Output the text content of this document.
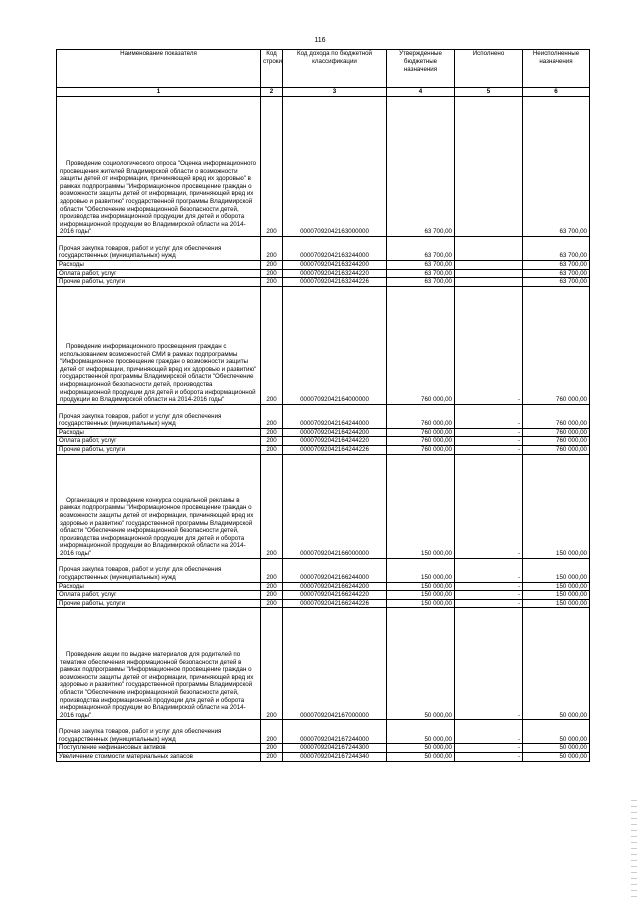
116
Наименование показателя	Код строки	Код дохода по бюджетной классификации	Утвержденные бюджетные назначения	Исполнено	Неисполненные назначения
1	2	3	4	5	6
Проведение социологического опроса "Оценка информационного просвещения жителей Владимирской области о возможности защиты детей от информации, причиняющей вред их здоровью" в рамках подпрограммы "Информационное просвещение граждан о возможности защиты детей от информации, причиняющей вред их здоровью и развитию" государственной программы Владимирской области "Обеспечение информационной безопасности детей, производства информационной продукции для детей и оборота информационной продукции во Владимирской области на 2014-2016 годы"	200	00007092042163000000	63 700,00		63 700,00
Прочая закупка товаров, работ и услуг для обеспечения государственных (муниципальных) нужд	200	00007092042163244000	63 700,00		63 700,00
Расходы	200	00007092042163244200	63 700,00		63 700,00
Оплата работ, услуг	200	00007092042163244220	63 700,00		63 700,00
Прочие работы, услуги	200	00007092042163244226	63 700,00		63 700,00
Проведение информационного просвещения граждан с использованием возможностей СМИ в рамках подпрограммы "Информационное просвещение граждан о возможности защиты детей от информации, причиняющей вред их здоровью и развитию" государственной программы Владимирской области "Обеспечение информационной безопасности детей, производства информационной продукции для детей и оборота информационной продукции во Владимирской области на 2014-2016 годы"	200	00007092042164000000	760 000,00	-	760 000,00
Прочая закупка товаров, работ и услуг для обеспечения государственных (муниципальных) нужд	200	00007092042164244000	760 000,00	-	760 000,00
Расходы	200	00007092042164244200	760 000,00	-	760 000,00
Оплата работ, услуг	200	00007092042164244220	760 000,00	-	760 000,00
Прочие работы, услуги	200	00007092042164244226	760 000,00	-	760 000,00
Организация и проведение конкурса социальной рекламы в рамках подпрограммы "Информационное просвещение граждан о возможности защиты детей от информации, причиняющей вред их здоровью и развитию" государственной программы Владимирской области "Обеспечение информационной безопасности детей, производства информационной продукции для детей и оборота информационной продукции во Владимирской области на 2014-2016 годы"	200	00007092042166000000	150 000,00	-	150 000,00
Прочая закупка товаров, работ и услуг для обеспечения государственных (муниципальных) нужд	200	00007092042166244000	150 000,00	-	150 000,00
Расходы	200	00007092042166244200	150 000,00	-	150 000,00
Оплата работ, услуг	200	00007092042166244220	150 000,00	-	150 000,00
Прочие работы, услуги	200	00007092042166244226	150 000,00	-	150 000,00
Проведение акции по выдаче материалов для родителей по тематике обеспечения информационной безопасности детей в рамках подпрограммы "Информационное просвещение граждан о возможности защиты детей от информации, причиняющей вред их здоровью и развитию" государственной программы Владимирской области "Обеспечение информационной безопасности детей, производства информационной продукции для детей и оборота информационной продукции во Владимирской области на 2014-2016 годы"	200	00007092042167000000	50 000,00	-	50 000,00
Прочая закупка товаров, работ и услуг для обеспечения государственных (муниципальных) нужд	200	00007092042167244000	50 000,00	-	50 000,00
Поступление нефинансовых активов	200	00007092042167244300	50 000,00	-	50 000,00
Увеличение стоимости материальных запасов	200	00007092042167244340	50 000,00	-	50 000,00
